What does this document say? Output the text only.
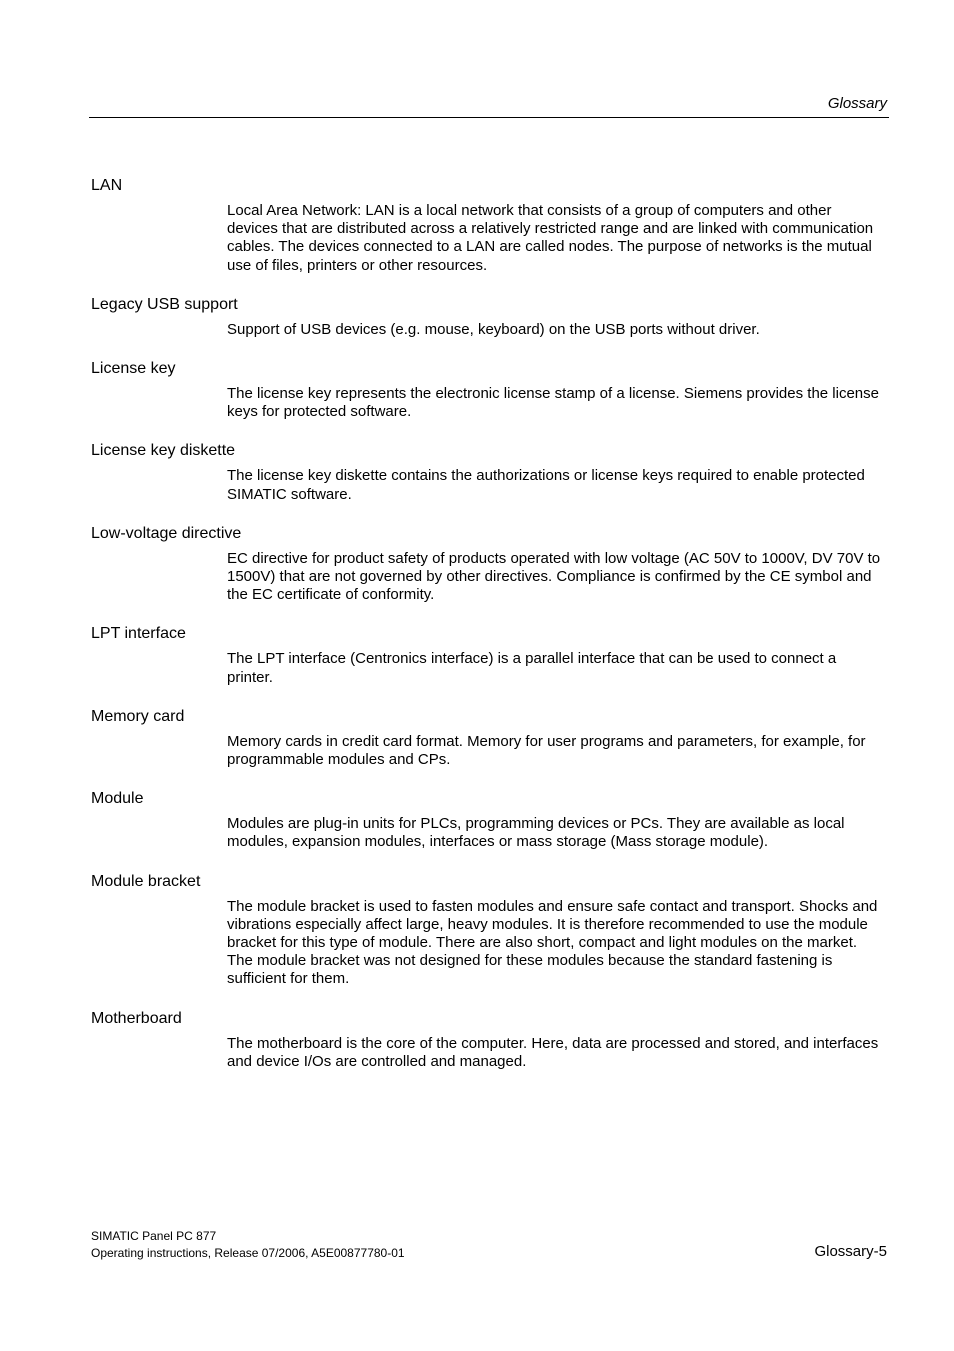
Glossary

LAN

Local Area Network: LAN is a local network that consists of a group of computers and other devices that are distributed across a relatively restricted range and are linked with communication cables. The devices connected to a LAN are called nodes. The purpose of networks is the mutual use of files, printers or other resources.

Legacy USB support

Support of USB devices (e.g. mouse, keyboard) on the USB ports without driver.

License key

The license key represents the electronic license stamp of a license. Siemens provides the license keys for protected software.

License key diskette

The license key diskette contains the authorizations or license keys required to enable protected SIMATIC software.

Low-voltage directive

EC directive for product safety of products operated with low voltage (AC 50V to 1000V, DV 70V to 1500V) that are not governed by other directives. Compliance is confirmed by the CE symbol and the EC certificate of conformity.

LPT interface

The LPT interface (Centronics interface) is a parallel interface that can be used to connect a printer.

Memory card

Memory cards in credit card format. Memory for user programs and parameters, for example, for programmable modules and CPs.

Module

Modules are plug-in units for PLCs, programming devices or PCs. They are available as local modules, expansion modules, interfaces or mass storage (Mass storage module).

Module bracket

The module bracket is used to fasten modules and ensure safe contact and transport. Shocks and vibrations especially affect large, heavy modules. It is therefore recommended to use the module bracket for this type of module. There are also short, compact and light modules on the market. The module bracket was not designed for these modules because the standard fastening is sufficient for them.

Motherboard

The motherboard is the core of the computer. Here, data are processed and stored, and interfaces and device I/Os are controlled and managed.

SIMATIC Panel PC 877
Operating instructions, Release 07/2006, A5E00877780-01	Glossary-5
